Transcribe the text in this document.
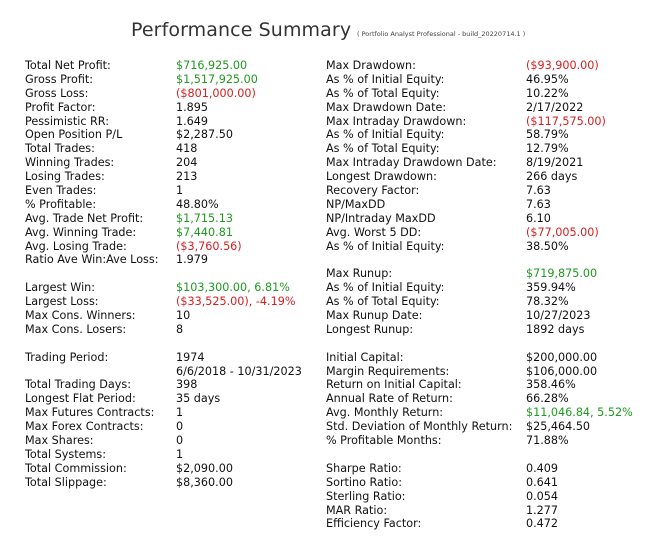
Performance Summary ( Portfolio Analyst Professional - build_20220714.1 )
Total Net Profit:	$716,925.00
Gross Profit:	$1,517,925.00
Gross Loss:	($801,000.00)
Profit Factor:	1.895
Pessimistic RR:	1.649
Open Position P/L	$2,287.50
Total Trades:	418
Winning Trades:	204
Losing Trades:	213
Even Trades:	1
% Profitable:	48.80%
Avg. Trade Net Profit:	$1,715.13
Avg. Winning Trade:	$7,440.81
Avg. Losing Trade:	($3,760.56)
Ratio Ave Win:Ave Loss: 1.979
Largest Win:	$103,300.00, 6.81%
Largest Loss:	($33,525.00), -4.19%
Max Cons. Winners:	10
Max Cons. Losers:	8
Trading Period:	1974
6/6/2018 - 10/31/2023
Total Trading Days:	398
Longest Flat Period:	35 days
Max Futures Contracts: 1
Max Forex Contracts:	0
Max Shares:	0
Total Systems:	1
Total Commission:	$2,090.00
Total Slippage:	$8,360.00
Max Drawdown:	($93,900.00)
As % of Initial Equity:	46.95%
As % of Total Equity:	10.22%
Max Drawdown Date:	2/17/2022
Max Intraday Drawdown:	($117,575.00)
As % of Initial Equity:	58.79%
As % of Total Equity:	12.79%
Max Intraday Drawdown Date:	8/19/2021
Longest Drawdown:	266 days
Recovery Factor:	7.63
NP/MaxDD	7.63
NP/Intraday MaxDD	6.10
Avg. Worst 5 DD:	($77,005.00)
As % of Initial Equity:	38.50%
Max Runup:	$719,875.00
As % of Initial Equity:	359.94%
As % of Total Equity:	78.32%
Max Runup Date:	10/27/2023
Longest Runup:	1892 days
Initial Capital:	$200,000.00
Margin Requirements:	$106,000.00
Return on Initial Capital:	358.46%
Annual Rate of Return:	66.28%
Avg. Monthly Return:	$11,046.84, 5.52%
Std. Deviation of Monthly Return: $25,464.50
% Profitable Months:	71.88%
Sharpe Ratio:	0.409
Sortino Ratio:	0.641
Sterling Ratio:	0.054
MAR Ratio:	1.277
Efficiency Factor:	0.472
